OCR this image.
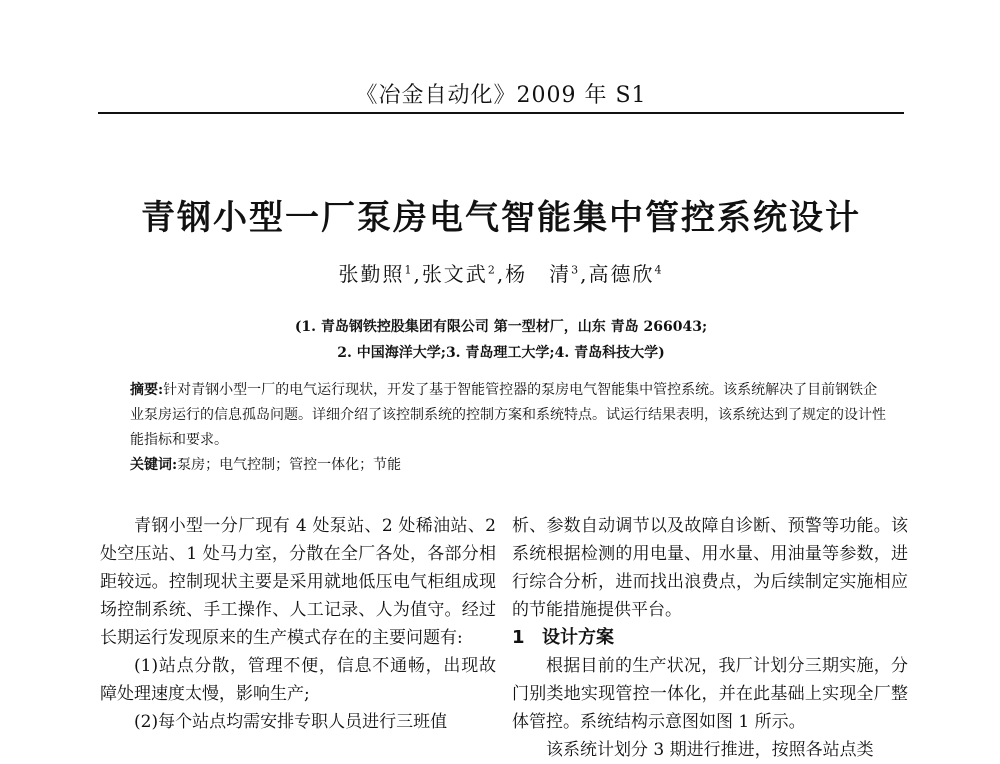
《冶金自动化》2009 年 S1
青钢小型一厂泵房电气智能集中管控系统设计
张勤照$^1$,张文武$^2$,杨　清$^3$,高德欣$^4$
(1. 青岛钢铁控股集团有限公司 第一型材厂，山东 青岛 266043;
2. 中国海洋大学;3. 青岛理工大学;4. 青岛科技大学)

摘要:针对青钢小型一厂的电气运行现状，开发了基于智能管控器的泵房电气智能集中管控系统。该系统解决了目前钢铁企业泵房运行的信息孤岛问题。详细介绍了该控制系统的控制方案和系统特点。试运行结果表明，该系统达到了规定的设计性能指标和要求。

关键词:泵房；电气控制；管控一体化；节能

青钢小型一分厂现有 4 处泵站、2 处稀油站、2 处空压站、1 处马力室，分散在全厂各处，各部分相距较远。控制现状主要是采用就地低压电气柜组成现场控制系统、手工操作、人工记录、人为值守。经过长期运行发现原来的生产模式存在的主要问题有:

(1)站点分散，管理不便，信息不通畅，出现故障处理速度太慢，影响生产;

(2)每个站点均需安排专职人员进行三班值

析、参数自动调节以及故障自诊断、预警等功能。该系统根据检测的用电量、用水量、用油量等参数，进行综合分析，进而找出浪费点，为后续制定实施相应的节能措施提供平台。

1 设计方案

根据目前的生产状况，我厂计划分三期实施，分门别类地实现管控一体化，并在此基础上实现全厂整体管控。系统结构示意图如图 1 所示。

该系统计划分 3 期进行推进，按照各站点类
